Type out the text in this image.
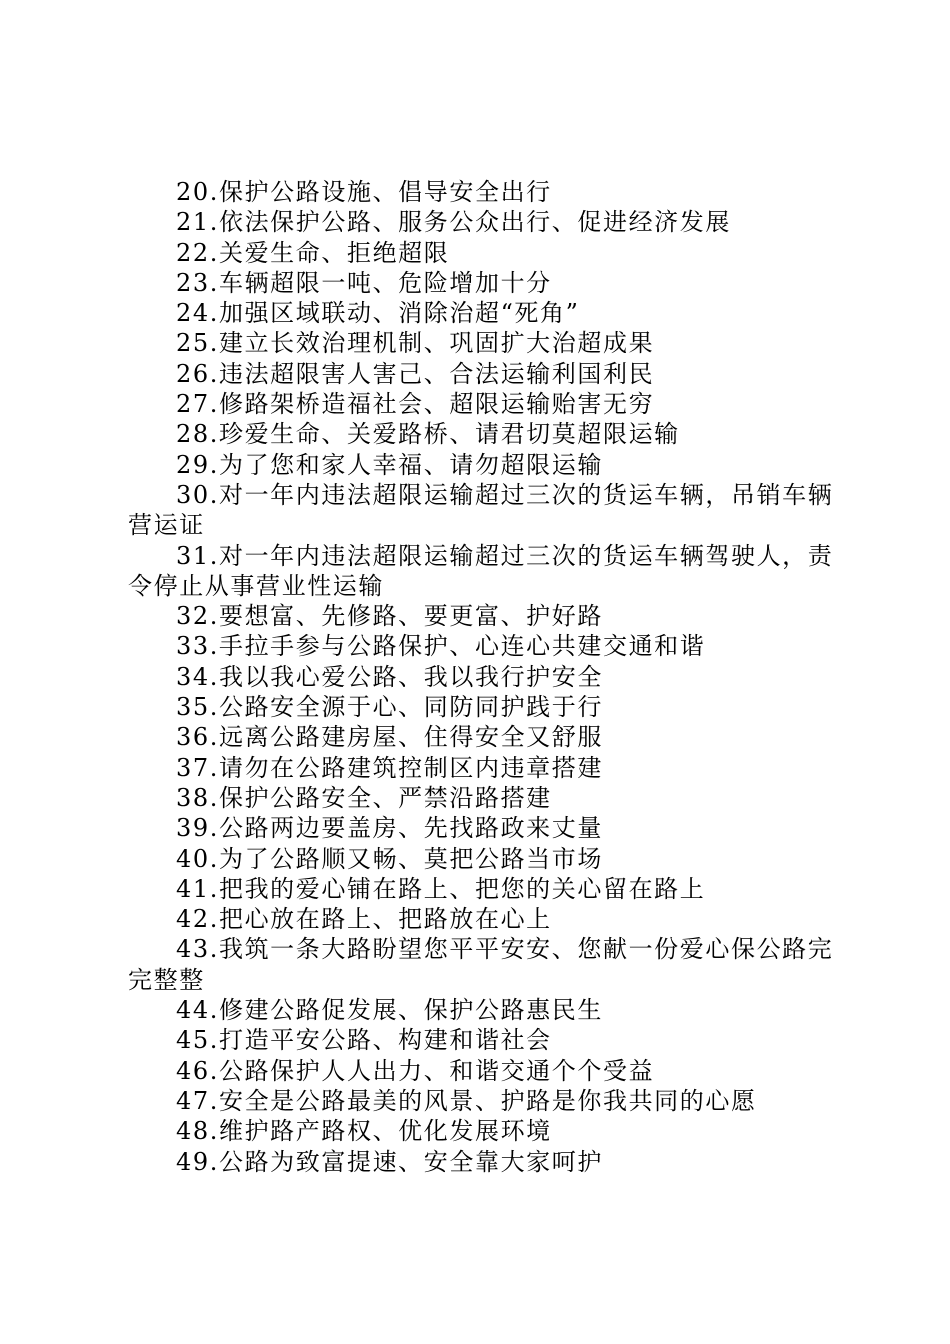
20.保护公路设施、倡导安全出行

21.依法保护公路、服务公众出行、促进经济发展

22.关爱生命、拒绝超限

23.车辆超限一吨、危险增加十分

24.加强区域联动、消除治超“死角”

25.建立长效治理机制、巩固扩大治超成果

26.违法超限害人害己、合法运输利国利民

27.修路架桥造福社会、超限运输贻害无穷

28.珍爱生命、关爱路桥、请君切莫超限运输

29.为了您和家人幸福、请勿超限运输

30.对一年内违法超限运输超过三次的货运车辆，吊销车辆营运证

31.对一年内违法超限运输超过三次的货运车辆驾驶人，责令停止从事营业性运输

32.要想富、先修路、要更富、护好路

33.手拉手参与公路保护、心连心共建交通和谐

34.我以我心爱公路、我以我行护安全

35.公路安全源于心、同防同护践于行

36.远离公路建房屋、住得安全又舒服

37.请勿在公路建筑控制区内违章搭建

38.保护公路安全、严禁沿路搭建

39.公路两边要盖房、先找路政来丈量

40.为了公路顺又畅、莫把公路当市场

41.把我的爱心铺在路上、把您的关心留在路上

42.把心放在路上、把路放在心上

43.我筑一条大路盼望您平平安安、您献一份爱心保公路完完整整

44.修建公路促发展、保护公路惠民生

45.打造平安公路、构建和谐社会

46.公路保护人人出力、和谐交通个个受益

47.安全是公路最美的风景、护路是你我共同的心愿

48.维护路产路权、优化发展环境

49.公路为致富提速、安全靠大家呵护
